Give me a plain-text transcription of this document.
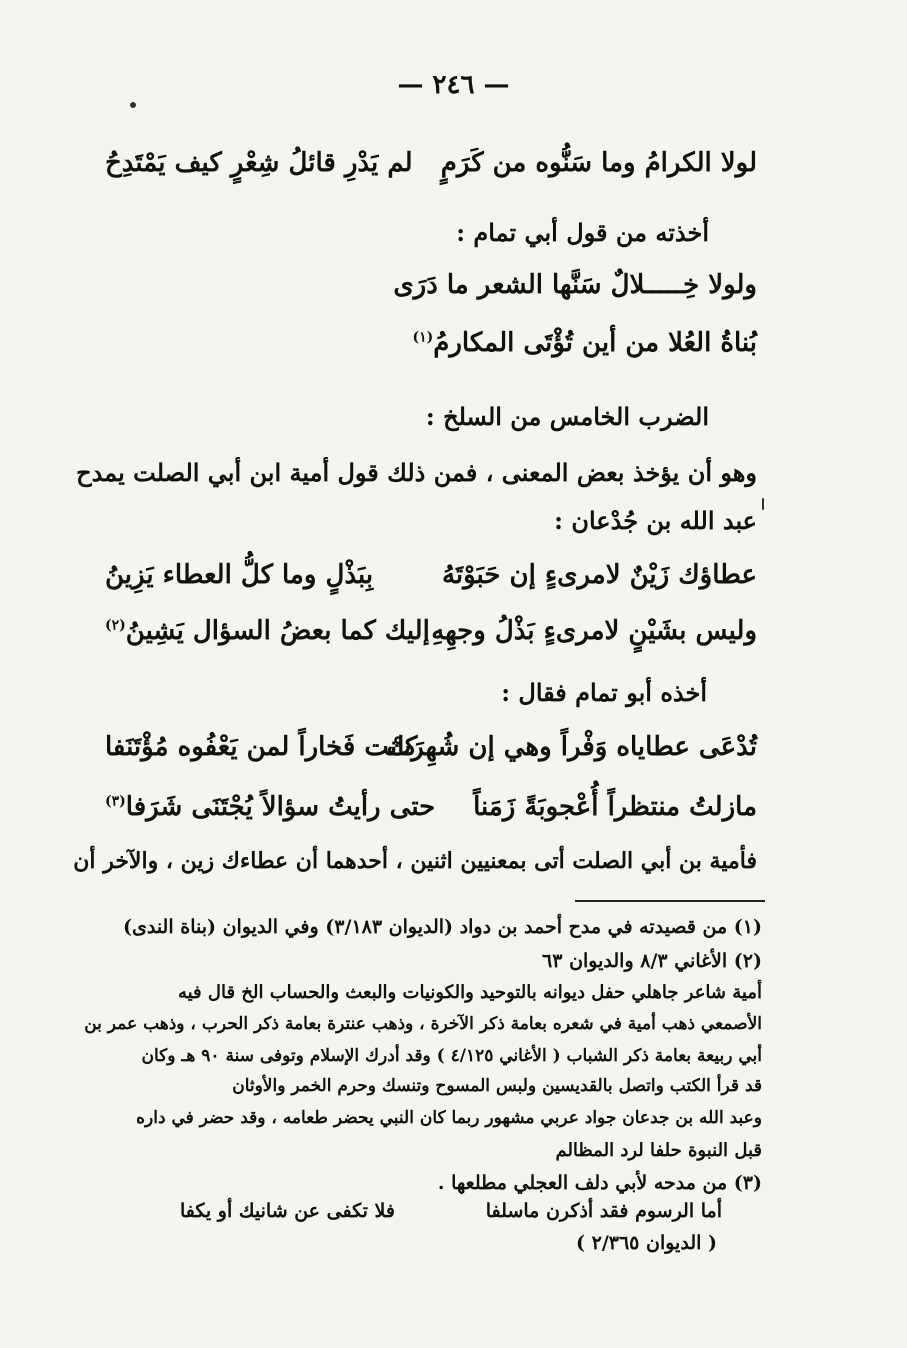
— ٢٤٦ —
لولا الكرامُ وما سَنُّوه من كَرَمٍ
لم يَدْرِ قائلُ شِعْرٍ كيف يَمْتَدِحُ
أخذته من قول أبي تمام :
ولولا خِـــــلالٌ سَنَّها الشعر ما دَرَى
بُناةُ العُلا من أين تُؤْتَى المكارمُ$^{(١)}$
الضرب الخامس من السلخ :
وهو أن يؤخذ بعض المعنى ، فمن ذلك قول أمية ابن أبي الصلت يمدح
عبد الله بن جُدْعان :
عطاؤك زَيْنٌ لامرىءٍ إن حَبَوْتَهُ
بِبَذْلٍ وما كلُّ العطاء يَزِينُ
وليس بشَيْنٍ لامرىءٍ بَذْلُ وجهِهِ
إليك كما بعضُ السؤال يَشِينُ$^{(٢)}$
أخذه أبو تمام فقال :
تُدْعَى عطاياه وَفْراً وهي إن شُهِرَتْ
كانت فَخاراً لمن يَعْفُوه مُؤْتَنَفا
مازلتُ منتظراً أُعْجوبَةً زَمَناً
حتى رأيتُ سؤالاً يُجْتَنَى شَرَفا$^{(٣)}$
فأمية بن أبي الصلت أتى بمعنيين اثنين ، أحدهما أن عطاءك زين ، والآخر أن
(١) من قصيدته في مدح أحمد بن دواد (الديوان ٣/١٨٣) وفي الديوان (بناة الندى)
(٢) الأغاني ٨/٣ والديوان ٦٣
أمية شاعر جاهلي حفل ديوانه بالتوحيد والكونيات والبعث والحساب الخ قال فيه
الأصمعي ذهب أمية في شعره بعامة ذكر الآخرة ، وذهب عنترة بعامة ذكر الحرب ، وذهب عمر بن
أبي ربيعة بعامة ذكر الشباب ( الأغاني ٤/١٢٥ ) وقد أدرك الإسلام وتوفى سنة ٩٠ هـ وكان
قد قرأ الكتب واتصل بالقديسين ولبس المسوح وتنسك وحرم الخمر والأوثان
وعبد الله بن جدعان جواد عربي مشهور ربما كان النبي يحضر طعامه ، وقد حضر في داره
قبل النبوة حلفا لرد المظالم
(٣) من مدحه لأبي دلف العجلي مطلعها .
أما الرسوم فقد أذكرن ماسلفا
فلا تكفى عن شانيك أو يكفا
( الديوان ٢/٣٦٥ )
